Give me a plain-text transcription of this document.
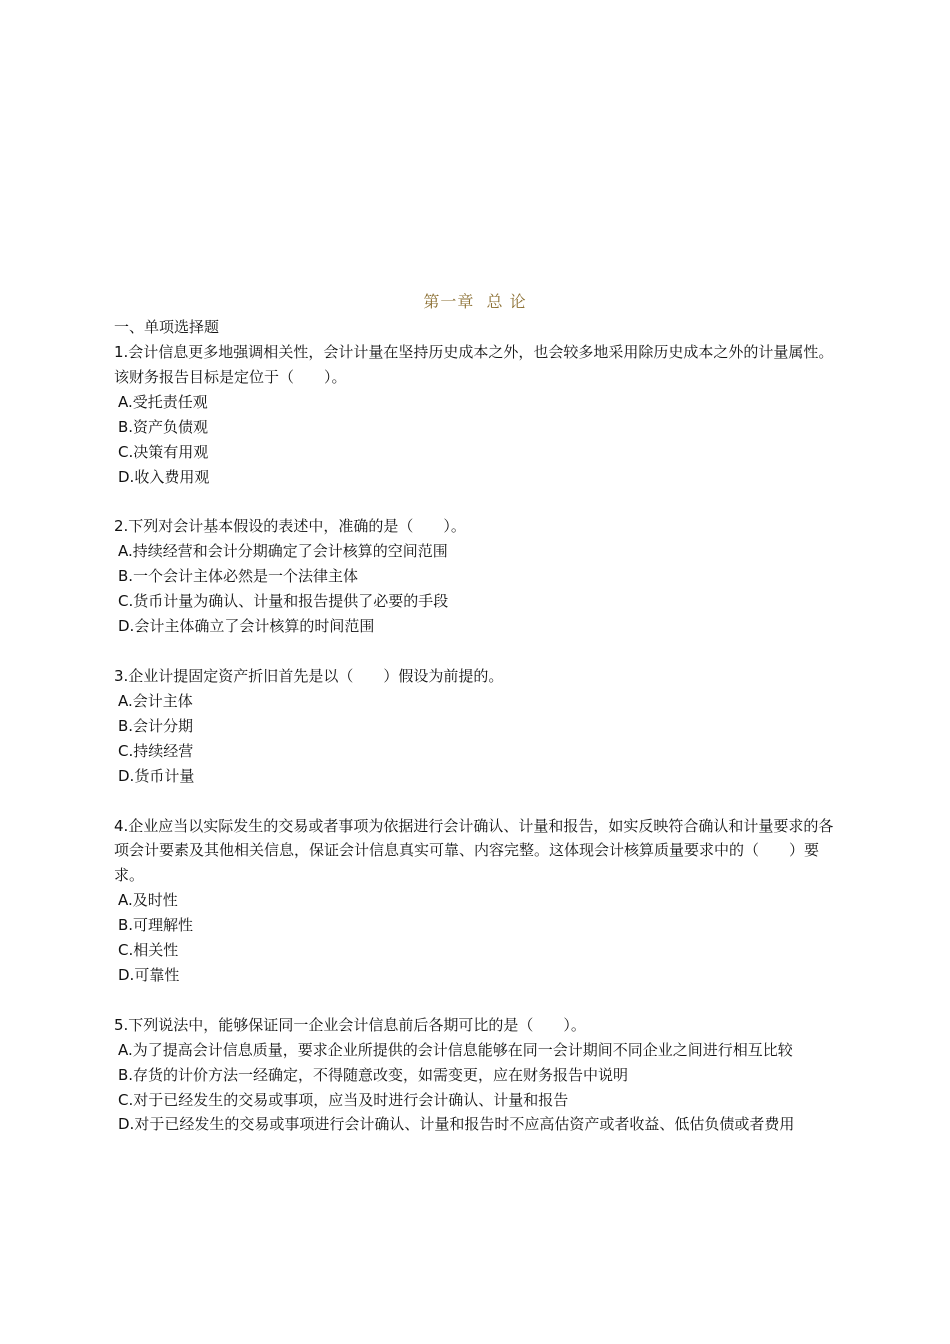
第一章  总 论
一、单项选择题

1.会计信息更多地强调相关性，会计计量在坚持历史成本之外，也会较多地采用除历史成本之外的计量属性。该财务报告目标是定位于（　　）。

A.受托责任观

B.资产负债观

C.决策有用观

D.收入费用观

2.下列对会计基本假设的表述中，准确的是（　　）。

A.持续经营和会计分期确定了会计核算的空间范围

B.一个会计主体必然是一个法律主体

C.货币计量为确认、计量和报告提供了必要的手段

D.会计主体确立了会计核算的时间范围

3.企业计提固定资产折旧首先是以（　　）假设为前提的。

A.会计主体

B.会计分期

C.持续经营

D.货币计量

4.企业应当以实际发生的交易或者事项为依据进行会计确认、计量和报告，如实反映符合确认和计量要求的各项会计要素及其他相关信息，保证会计信息真实可靠、内容完整。这体现会计核算质量要求中的（　　）要求。

A.及时性

B.可理解性

C.相关性

D.可靠性

5.下列说法中，能够保证同一企业会计信息前后各期可比的是（　　）。

A.为了提高会计信息质量，要求企业所提供的会计信息能够在同一会计期间不同企业之间进行相互比较

B.存货的计价方法一经确定，不得随意改变，如需变更，应在财务报告中说明

C.对于已经发生的交易或事项，应当及时进行会计确认、计量和报告

D.对于已经发生的交易或事项进行会计确认、计量和报告时不应高估资产或者收益、低估负债或者费用
